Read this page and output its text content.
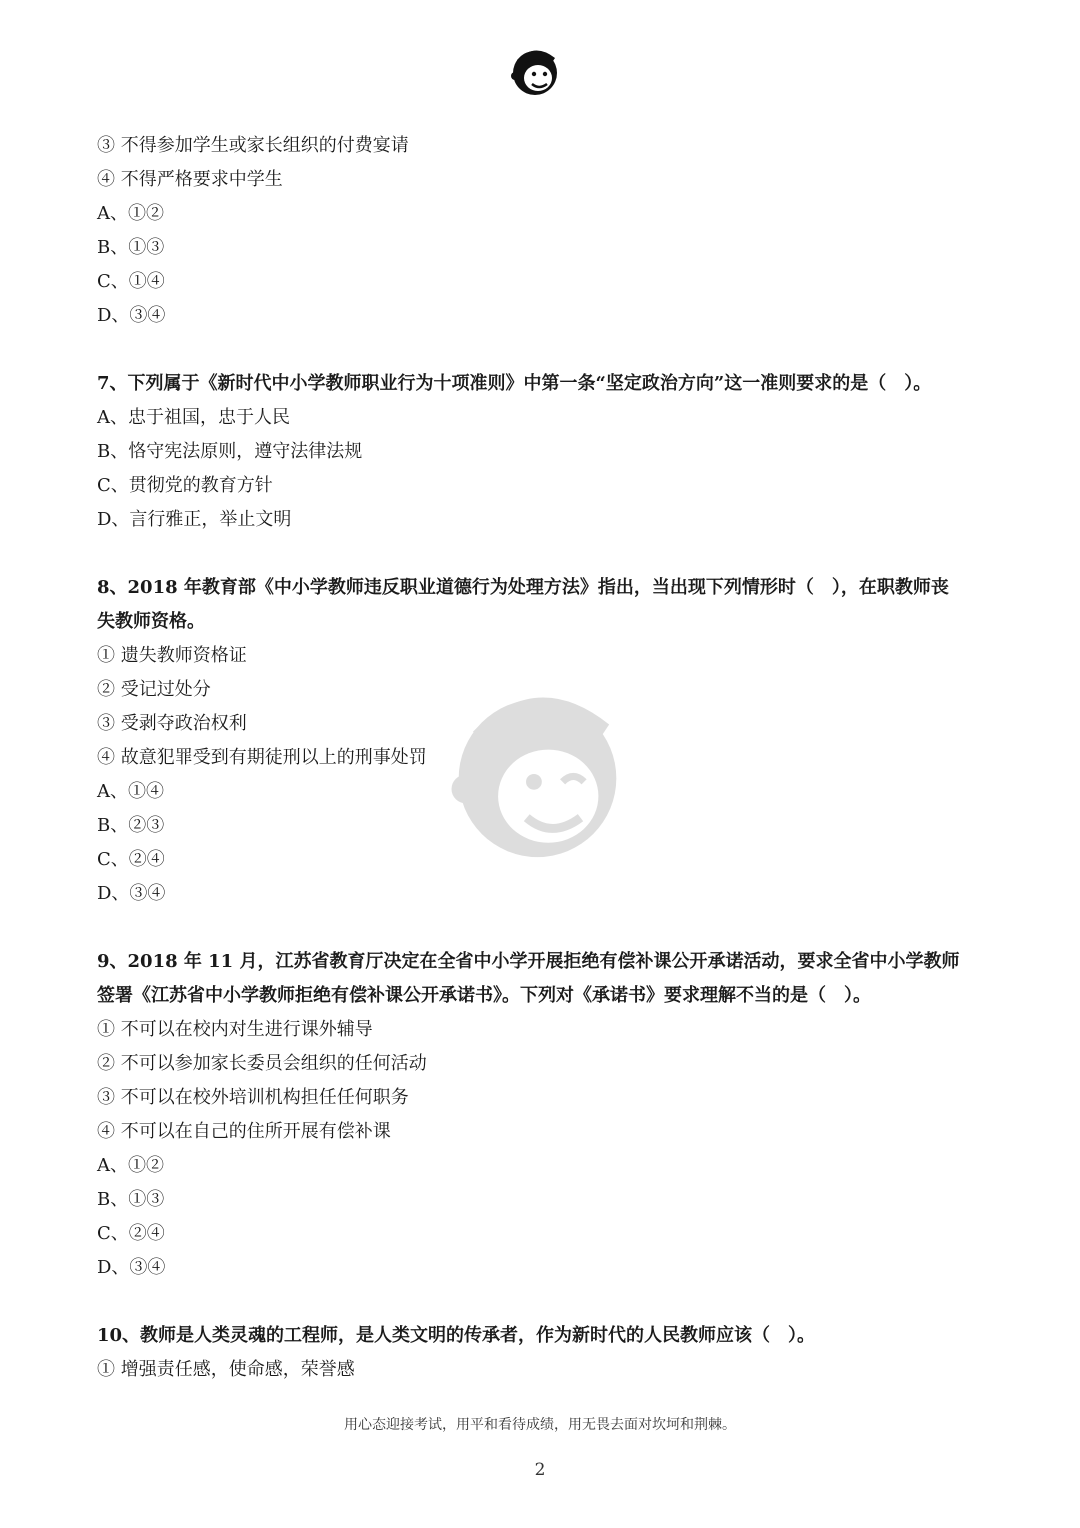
③ 不得参加学生或家长组织的付费宴请
④ 不得严格要求中学生
A、①②
B、①③
C、①④
D、③④
7、下列属于《新时代中小学教师职业行为十项准则》中第一条“坚定政治方向”这一准则要求的是（　）。
A、忠于祖国，忠于人民
B、恪守宪法原则，遵守法律法规
C、贯彻党的教育方针
D、言行雅正，举止文明
8、2018 年教育部《中小学教师违反职业道德行为处理方法》指出，当出现下列情形时（　），在职教师丧
失教师资格。
① 遗失教师资格证
② 受记过处分
③ 受剥夺政治权利
④ 故意犯罪受到有期徒刑以上的刑事处罚
A、①④
B、②③
C、②④
D、③④
9、2018 年 11 月，江苏省教育厅决定在全省中小学开展拒绝有偿补课公开承诺活动，要求全省中小学教师
签署《江苏省中小学教师拒绝有偿补课公开承诺书》。下列对《承诺书》要求理解不当的是（　）。
① 不可以在校内对生进行课外辅导
② 不可以参加家长委员会组织的任何活动
③ 不可以在校外培训机构担任任何职务
④ 不可以在自己的住所开展有偿补课
A、①②
B、①③
C、②④
D、③④
10、教师是人类灵魂的工程师，是人类文明的传承者，作为新时代的人民教师应该（　）。
① 增强责任感，使命感，荣誉感
用心态迎接考试，用平和看待成绩，用无畏去面对坎坷和荆棘。
2
